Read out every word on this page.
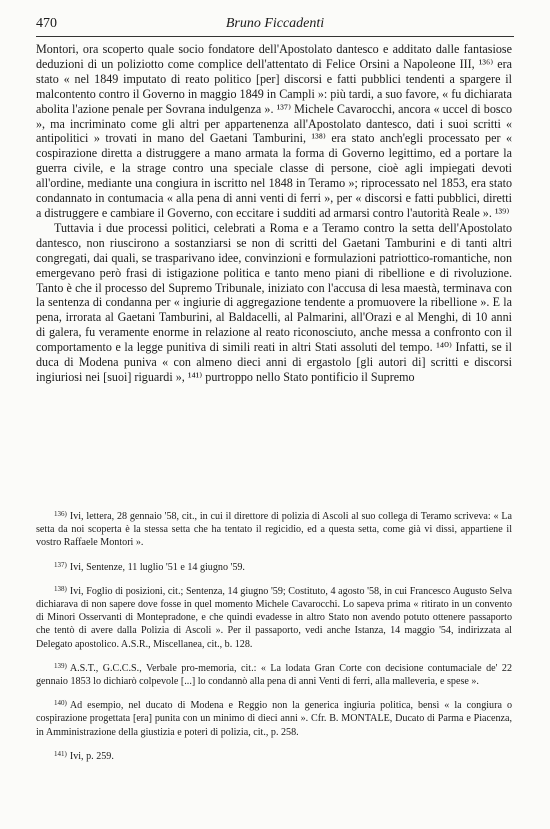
470	Bruno Ficcadenti

Montori, ora scoperto quale socio fondatore dell'Apostolato dantesco e additato dalle fantasiose deduzioni di un poliziotto come complice dell'attentato di Felice Orsini a Napoleone III, ¹³⁶⁾ era stato « nel 1849 imputato di reato politico [per] discorsi e fatti pubblici tendenti a spargere il malcontento contro il Governo in maggio 1849 in Campli »: più tardi, a suo favore, « fu dichiarata abolita l'azione penale per Sovrana indulgenza ». ¹³⁷⁾ Michele Cavarocchi, ancora « uccel di bosco », ma incriminato come gli altri per appartenenza all'Apostolato dantesco, dati i suoi scritti « antipolitici » trovati in mano del Gaetani Tamburini, ¹³⁸⁾ era stato anch'egli processato per « cospirazione diretta a distruggere a mano armata la forma di Governo legittimo, ed a portare la guerra civile, e la strage contro una speciale classe di persone, cioè agli impiegati devoti all'ordine, mediante una congiura in iscritto nel 1848 in Teramo »; riprocessato nel 1853, era stato condannato in contumacia « alla pena di anni venti di ferri », per « discorsi e fatti pubblici, diretti a distruggere e cambiare il Governo, con eccitare i sudditi ad armarsi contro l'autorità Reale ». ¹³⁹⁾

Tuttavia i due processi politici, celebrati a Roma e a Teramo contro la setta dell'Apostolato dantesco, non riuscirono a sostanziarsi se non di scritti del Gaetani Tamburini e di tanti altri congregati, dai quali, se trasparivano idee, convinzioni e formulazioni patriottico-romantiche, non emergevano però frasi di istigazione politica e tanto meno piani di ribellione e di rivoluzione. Tanto è che il processo del Supremo Tribunale, iniziato con l'accusa di lesa maestà, terminava con la sentenza di condanna per « ingiurie di aggregazione tendente a promuovere la ribellione ». E la pena, irrorata al Gaetani Tamburini, al Baldacelli, al Palmarini, all'Orazi e al Menghi, di 10 anni di galera, fu veramente enorme in relazione al reato riconosciuto, anche messa a confronto con il comportamento e la legge punitiva di simili reati in altri Stati assoluti del tempo. ¹⁴⁰⁾ Infatti, se il duca di Modena puniva « con almeno dieci anni di ergastolo [gli autori di] scritti e discorsi ingiuriosi nei [suoi] riguardi », ¹⁴¹⁾ purtroppo nello Stato pontificio il Supremo

$^{136)}$ Ivi, lettera, 28 gennaio '58, cit., in cui il direttore di polizia di Ascoli al suo collega di Teramo scriveva: « La setta da noi scoperta è la stessa setta che ha tentato il regicidio, ed a questa setta, come già vi dissi, appartiene il vostro Raffaele Montori ».

$^{137)}$ Ivi, Sentenze, 11 luglio '51 e 14 giugno '59.

$^{138)}$ Ivi, Foglio di posizioni, cit.; Sentenza, 14 giugno '59; Costituto, 4 agosto '58, in cui Francesco Augusto Selva dichiarava di non sapere dove fosse in quel momento Michele Cavarocchi. Lo sapeva prima « ritirato in un convento di Minori Osservanti di Montepradone, e che quindi evadesse in altro Stato non avendo potuto ottenere passaporto che tentò di avere dalla Polizia di Ascoli ». Per il passaporto, vedi anche Istanza, 14 maggio '54, indirizzata al Delegato apostolico. A.S.R., Miscellanea, cit., b. 128.

$^{139)}$ A.S.T., G.C.C.S., Verbale pro-memoria, cit.: « La lodata Gran Corte con decisione contumaciale de' 22 gennaio 1853 lo dichiarò colpevole [...] lo condannò alla pena di anni Venti di ferri, alla malleveria, e spese ».

$^{140)}$ Ad esempio, nel ducato di Modena e Reggio non la generica ingiuria politica, bensì « la congiura o cospirazione progettata [era] punita con un minimo di dieci anni ». Cfr. B. MONTALE, Ducato di Parma e Piacenza, in Amministrazione della giustizia e poteri di polizia, cit., p. 258.

$^{141)}$ Ivi, p. 259.
